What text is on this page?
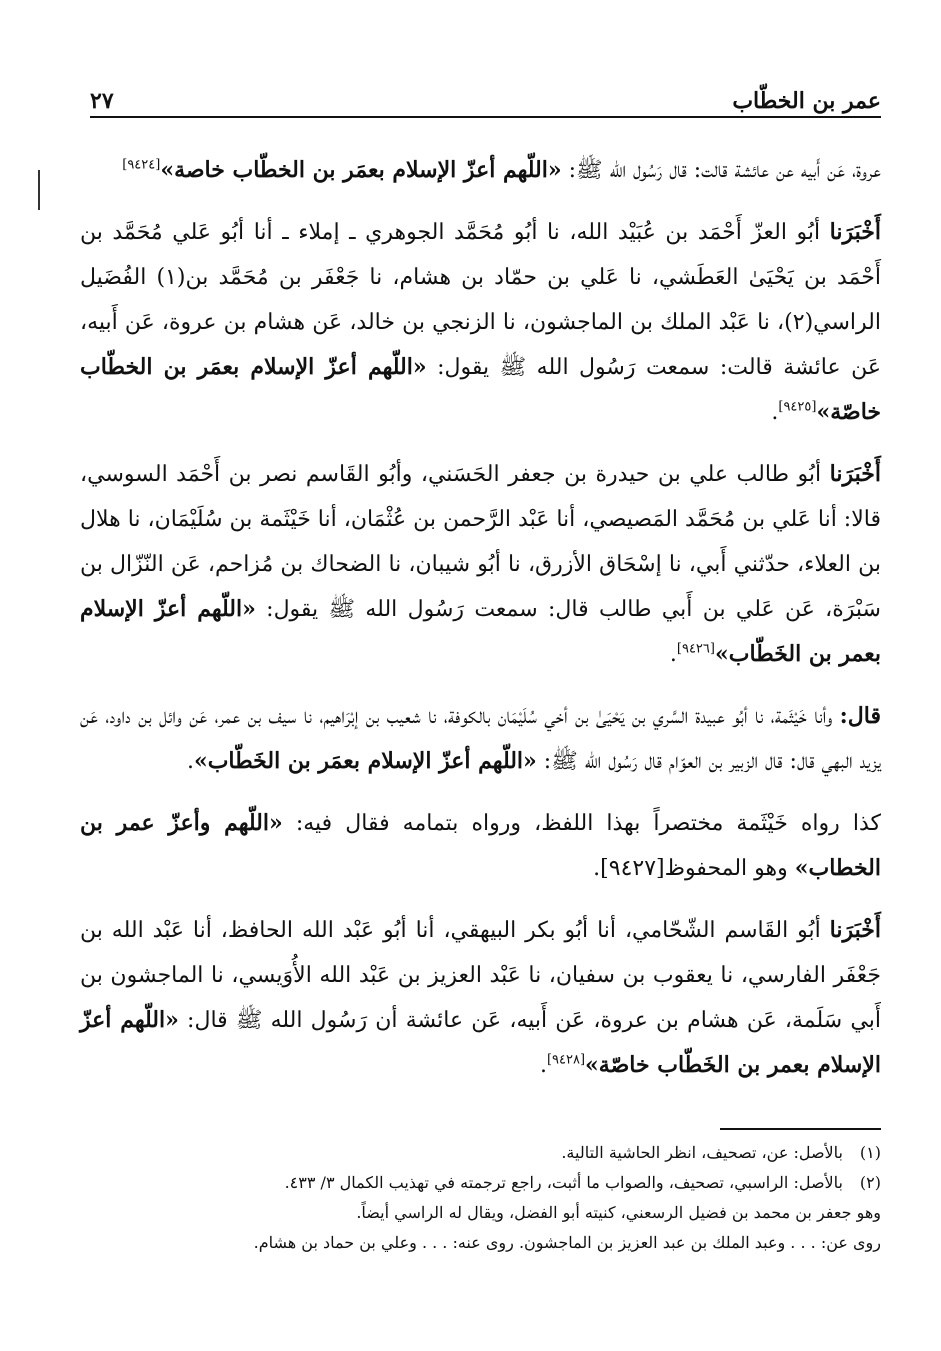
عمر بن الخطّاب
٢٧

عروة، عَن أَبيه عن عائشة قالت: قال رَسُول الله ﷺ: «اللّهم أعزّ الإسلام بعمَر بن الخطّاب خاصة»[٩٤٢٤]

أَخْبَرَنا أبُو العزّ أَحْمَد بن عُبَيْد الله، نا أبُو مُحَمَّد الجوهري ـ إملاء ـ أنا أبُو عَلي مُحَمَّد بن أَحْمَد بن يَحْيَىٰ العَطَشي، نا عَلي بن حمّاد بن هشام، نا جَعْفَر بن مُحَمَّد بن(١) الفُضَيل الراسي(٢)، نا عَبْد الملك بن الماجشون، نا الزنجي بن خالد، عَن هشام بن عروة، عَن أَبيه، عَن عائشة قالت: سمعت رَسُول الله ﷺ يقول: «اللّهم أعزّ الإسلام بعمَر بن الخطّاب خاصّة»[٩٤٢٥].

أَخْبَرَنا أبُو طالب علي بن حيدرة بن جعفر الحَسَني، وأبُو القَاسم نصر بن أَحْمَد السوسي، قالا: أنا عَلي بن مُحَمَّد المَصيصي، أنا عَبْد الرَّحمن بن عُثْمَان، أنا خَيْثَمة بن سُلَيْمَان، نا هلال بن العلاء، حدّثني أَبي، نا إسْحَاق الأزرق، نا أبُو شيبان، نا الضحاك بن مُزاحم، عَن النّزّال بن سَبْرَة، عَن عَلي بن أَبي طالب قال: سمعت رَسُول الله ﷺ يقول: «اللّهم أعزّ الإسلام بعمر بن الخَطّاب»[٩٤٢٦].

قال: وأنا خَيْثَمة، نا أبُو عبيدة السَّري بن يَحْيَىٰ بن أخي سُلَيْمَان بالكوفة، نا شعيب بن إبْرَاهيم، نا سيف بن عمر، عَن وائل بن داود، عَن يزيد البهي قال: قال الزبير بن العوّام قال رَسُول الله ﷺ: «اللّهم أعزّ الإسلام بعمَر بن الخَطّاب».

كذا رواه خَيْثَمة مختصراً بهذا اللفظ، ورواه بتمامه فقال فيه: «اللّهم وأعزّ عمر بن الخطاب» وهو المحفوظ[٩٤٢٧].

أَخْبَرَنا أبُو القَاسم الشّحّامي، أنا أبُو بكر البيهقي، أنا أبُو عَبْد الله الحافظ، أنا عَبْد الله بن جَعْفَر الفارسي، نا يعقوب بن سفيان، نا عَبْد العزيز بن عَبْد الله الأُوَيسي، نا الماجشون بن أَبي سَلَمة، عَن هشام بن عروة، عَن أَبيه، عَن عائشة أن رَسُول الله ﷺ قال: «اللّهم أعزّ الإسلام بعمر بن الخَطّاب خاصّة»[٩٤٢٨].

(١)بالأصل: عن، تصحيف، انظر الحاشية التالية.

(٢)بالأصل: الراسبي، تصحيف، والصواب ما أثبت، راجع ترجمته في تهذيب الكمال ٣/ ٤٣٣.

وهو جعفر بن محمد بن فضيل الرسعني، كنيته أبو الفضل، ويقال له الراسي أيضاً.

روى عن: . . . وعبد الملك بن عبد العزيز بن الماجشون. روى عنه: . . . وعلي بن حماد بن هشام.
